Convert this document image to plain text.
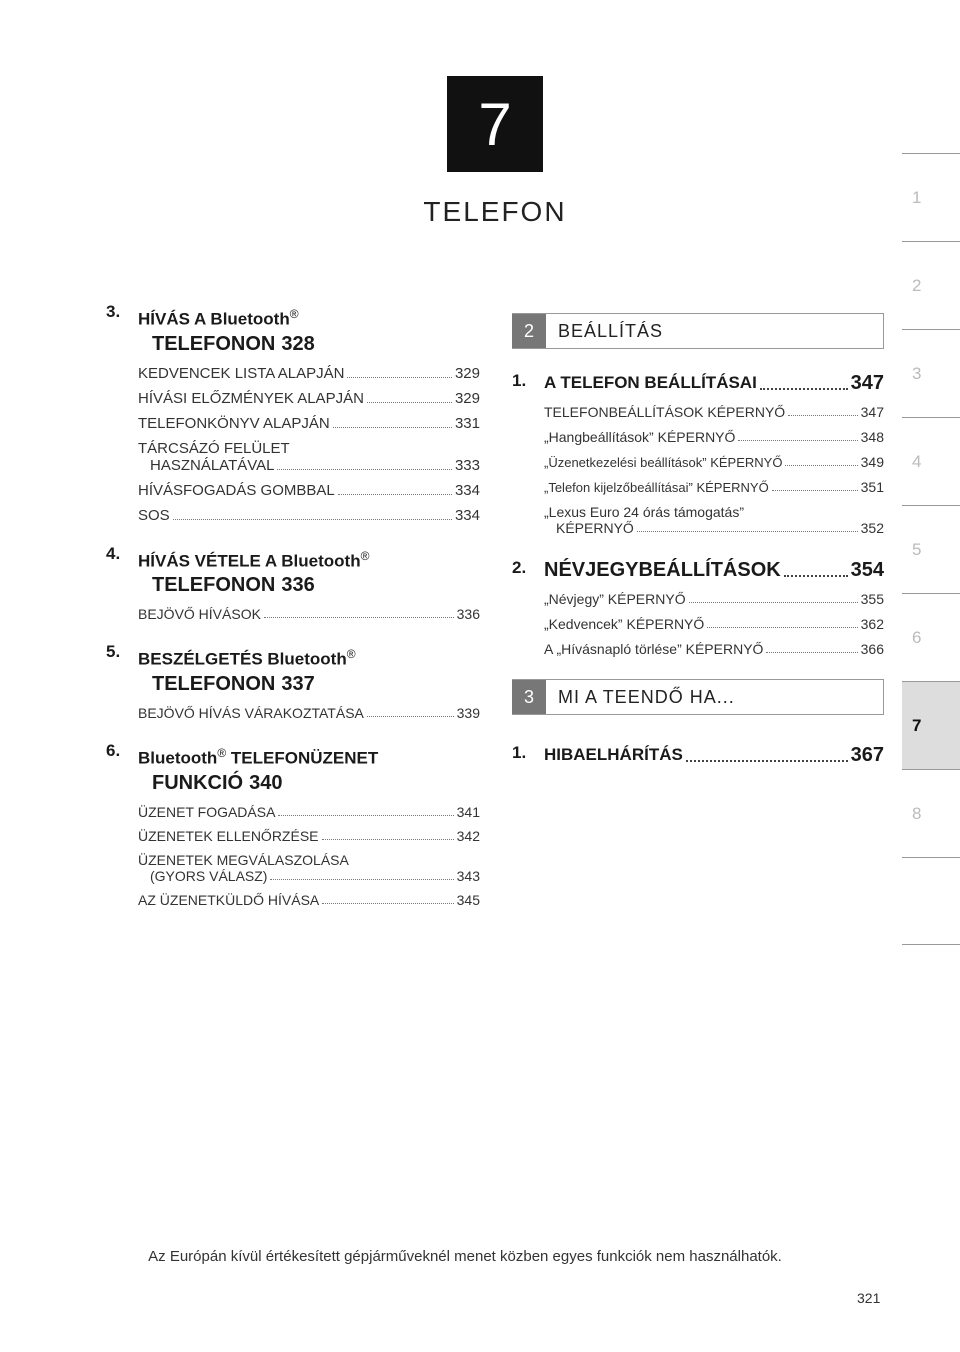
7
TELEFON	1
2
3
4
5
6
7
8
3. HÍVÁS A Bluetooth®
TELEFONON 328
KEDVENCEK LISTA ALAPJÁN	329
HÍVÁSI ELŐZMÉNYEK ALAPJÁN	329
TELEFONKÖNYV ALAPJÁN	331
TÁRCSÁZÓ FELÜLET
HASZNÁLATÁVAL	333
HÍVÁSFOGADÁS GOMBBAL	334
SOS	334
4. HÍVÁS VÉTELE A Bluetooth®
TELEFONON 336
BEJÖVŐ HÍVÁSOK	336
5. BESZÉLGETÉS Bluetooth®
TELEFONON 337
BEJÖVŐ HÍVÁS VÁRAKOZTATÁSA	339
6. Bluetooth® TELEFONÜZENET
FUNKCIÓ 340
ÜZENET FOGADÁSA	341
ÜZENETEK ELLENŐRZÉSE	342
ÜZENETEK MEGVÁLASZOLÁSA
(GYORS VÁLASZ)	343
AZ ÜZENETKÜLDŐ HÍVÁSA	345
2	BEÁLLÍTÁS
1. A TELEFON BEÁLLÍTÁSAI	347
TELEFONBEÁLLÍTÁSOK KÉPERNYŐ	347
„Hangbeállítások” KÉPERNYŐ	348
„Üzenetkezelési beállítások” KÉPERNYŐ	349
„Telefon kijelzőbeállításai” KÉPERNYŐ	351
„Lexus Euro 24 órás támogatás”
KÉPERNYŐ	352
2. NÉVJEGYBEÁLLÍTÁSOK	354
„Névjegy” KÉPERNYŐ	355
„Kedvencek” KÉPERNYŐ	362
A „Hívásnapló törlése” KÉPERNYŐ	366
3	MI A TEENDŐ HA...
1. HIBAELHÁRÍTÁS	367
Az Európán kívül értékesített gépjárműveknél menet közben egyes funkciók nem használhatók.
321
